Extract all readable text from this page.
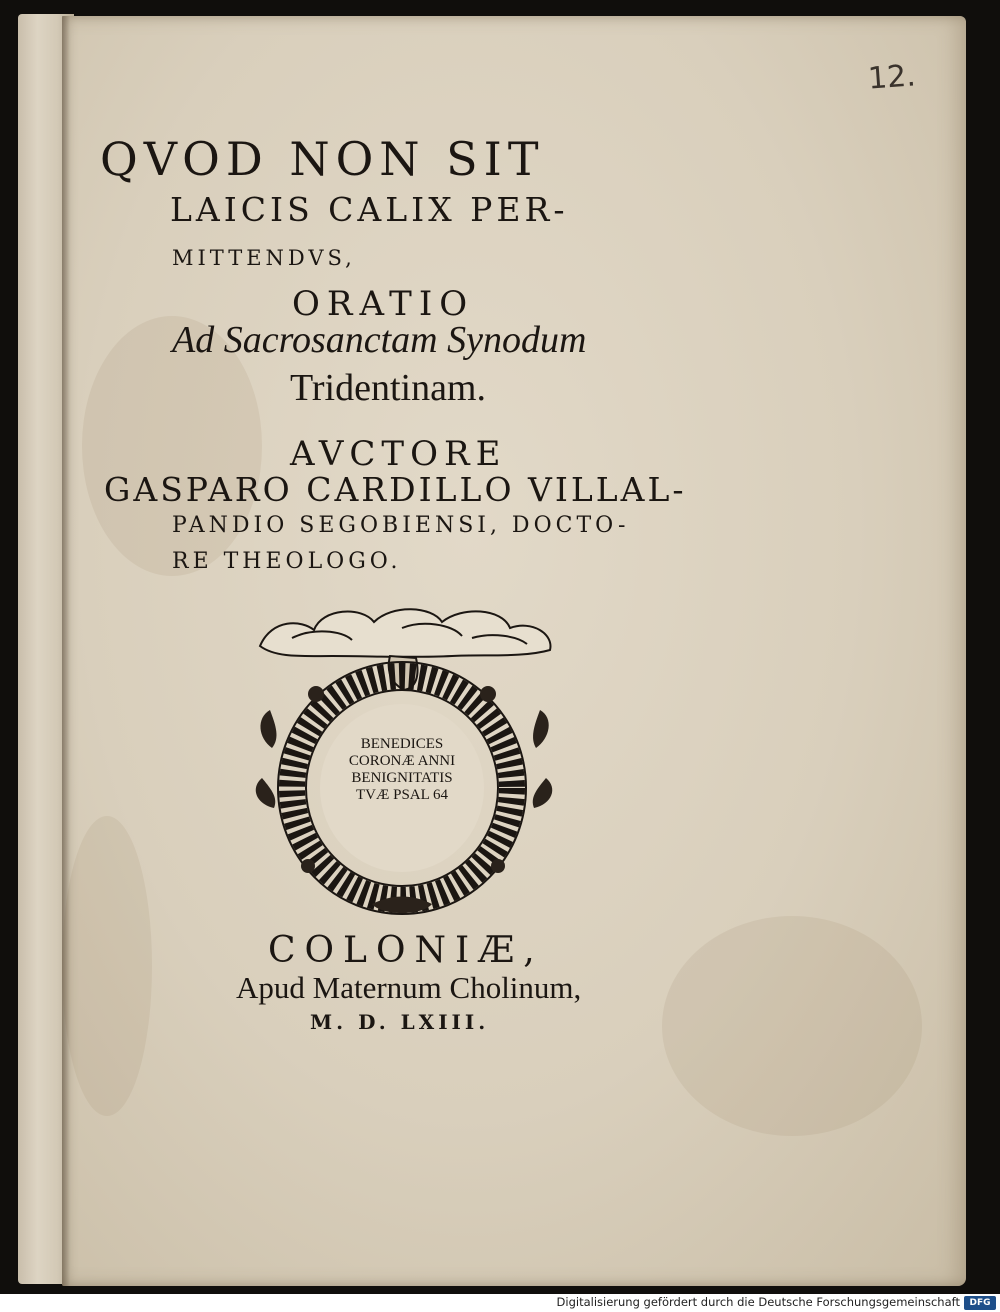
12.
QVOD NON SIT
LAICIS CALIX PER-
MITTENDVS,
ORATIO
Ad Sacrosanctam Synodum
Tridentinam.
AVCTORE
GASPARO CARDILLO VILLAL-
PANDIO SEGOBIENSI, DOCTO-
RE THEOLOGO.
BENEDICES
CORONÆ ANNI
BENIGNITATIS
TVÆ PSAL 64
COLONIÆ,
Apud Maternum Cholinum,
M. D. LXIII.
Digitalisierung gefördert durch die Deutsche Forschungsgemeinschaft	DFG
